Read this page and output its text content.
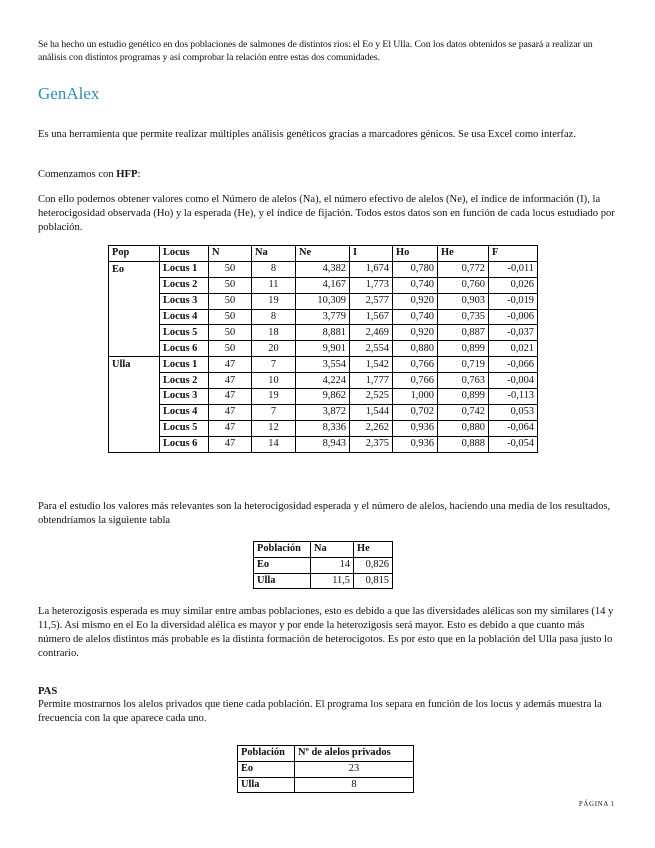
Se ha hecho un estudio genético en dos poblaciones de salmones de distintos ríos: el Eo y El Ulla. Con los datos obtenidos se pasará a realizar un análisis con distintos programas y así comprobar la relación entre estas dos comunidades.

GenAlex

Es una herramienta que permite realizar múltiples análisis genéticos gracias a marcadores génicos. Se usa Excel como interfaz.

Comenzamos con HFP:

Con ello podemos obtener valores como el Número de alelos (Na), el número efectivo de alelos (Ne), el índice de información (I), la heterocigosidad observada (Ho) y la esperada (He), y el índice de fijación. Todos estos datos son en función de cada locus estudiado por población.

Pop	Locus	N	Na	Ne	I	Ho	He	F
Eo	Locus 1	50	8	4,382	1,674	0,780	0,772	-0,011
	Locus 2	50	11	4,167	1,773	0,740	0,760	0,026
	Locus 3	50	19	10,309	2,577	0,920	0,903	-0,019
	Locus 4	50	8	3,779	1,567	0,740	0,735	-0,006
	Locus 5	50	18	8,881	2,469	0,920	0,887	-0,037
	Locus 6	50	20	9,901	2,554	0,880	0,899	0,021
Ulla	Locus 1	47	7	3,554	1,542	0,766	0,719	-0,066
	Locus 2	47	10	4,224	1,777	0,766	0,763	-0,004
	Locus 3	47	19	9,862	2,525	1,000	0,899	-0,113
	Locus 4	47	7	3,872	1,544	0,702	0,742	0,053
	Locus 5	47	12	8,336	2,262	0,936	0,880	-0,064
	Locus 6	47	14	8,943	2,375	0,936	0,888	-0,054

Para el estudio los valores más relevantes son la heterocigosidad esperada y el número de alelos, haciendo una media de los resultados, obtendríamos la siguiente tabla

Población	Na	He
Eo	14	0,826
Ulla	11,5	0,815

La heterozigosis esperada es muy similar entre ambas poblaciones, esto es debido a que las diversidades alélicas son my similares (14 y 11,5). Así mismo en el Eo la diversidad alélica es mayor y por ende la heterozigosis será mayor. Esto es debido a que cuanto más número de alelos distintos más probable es la distinta formación de heterocigotos. Es por esto que en la población del Ulla pasa justo lo contrario.

PAS

Permite mostrarnos los alelos privados que tiene cada población. El programa los separa en función de los locus y además muestra la frecuencia con la que aparece cada uno.

Población	Nº de alelos privados
Eo	23
Ulla	8
PÁGINA 1
